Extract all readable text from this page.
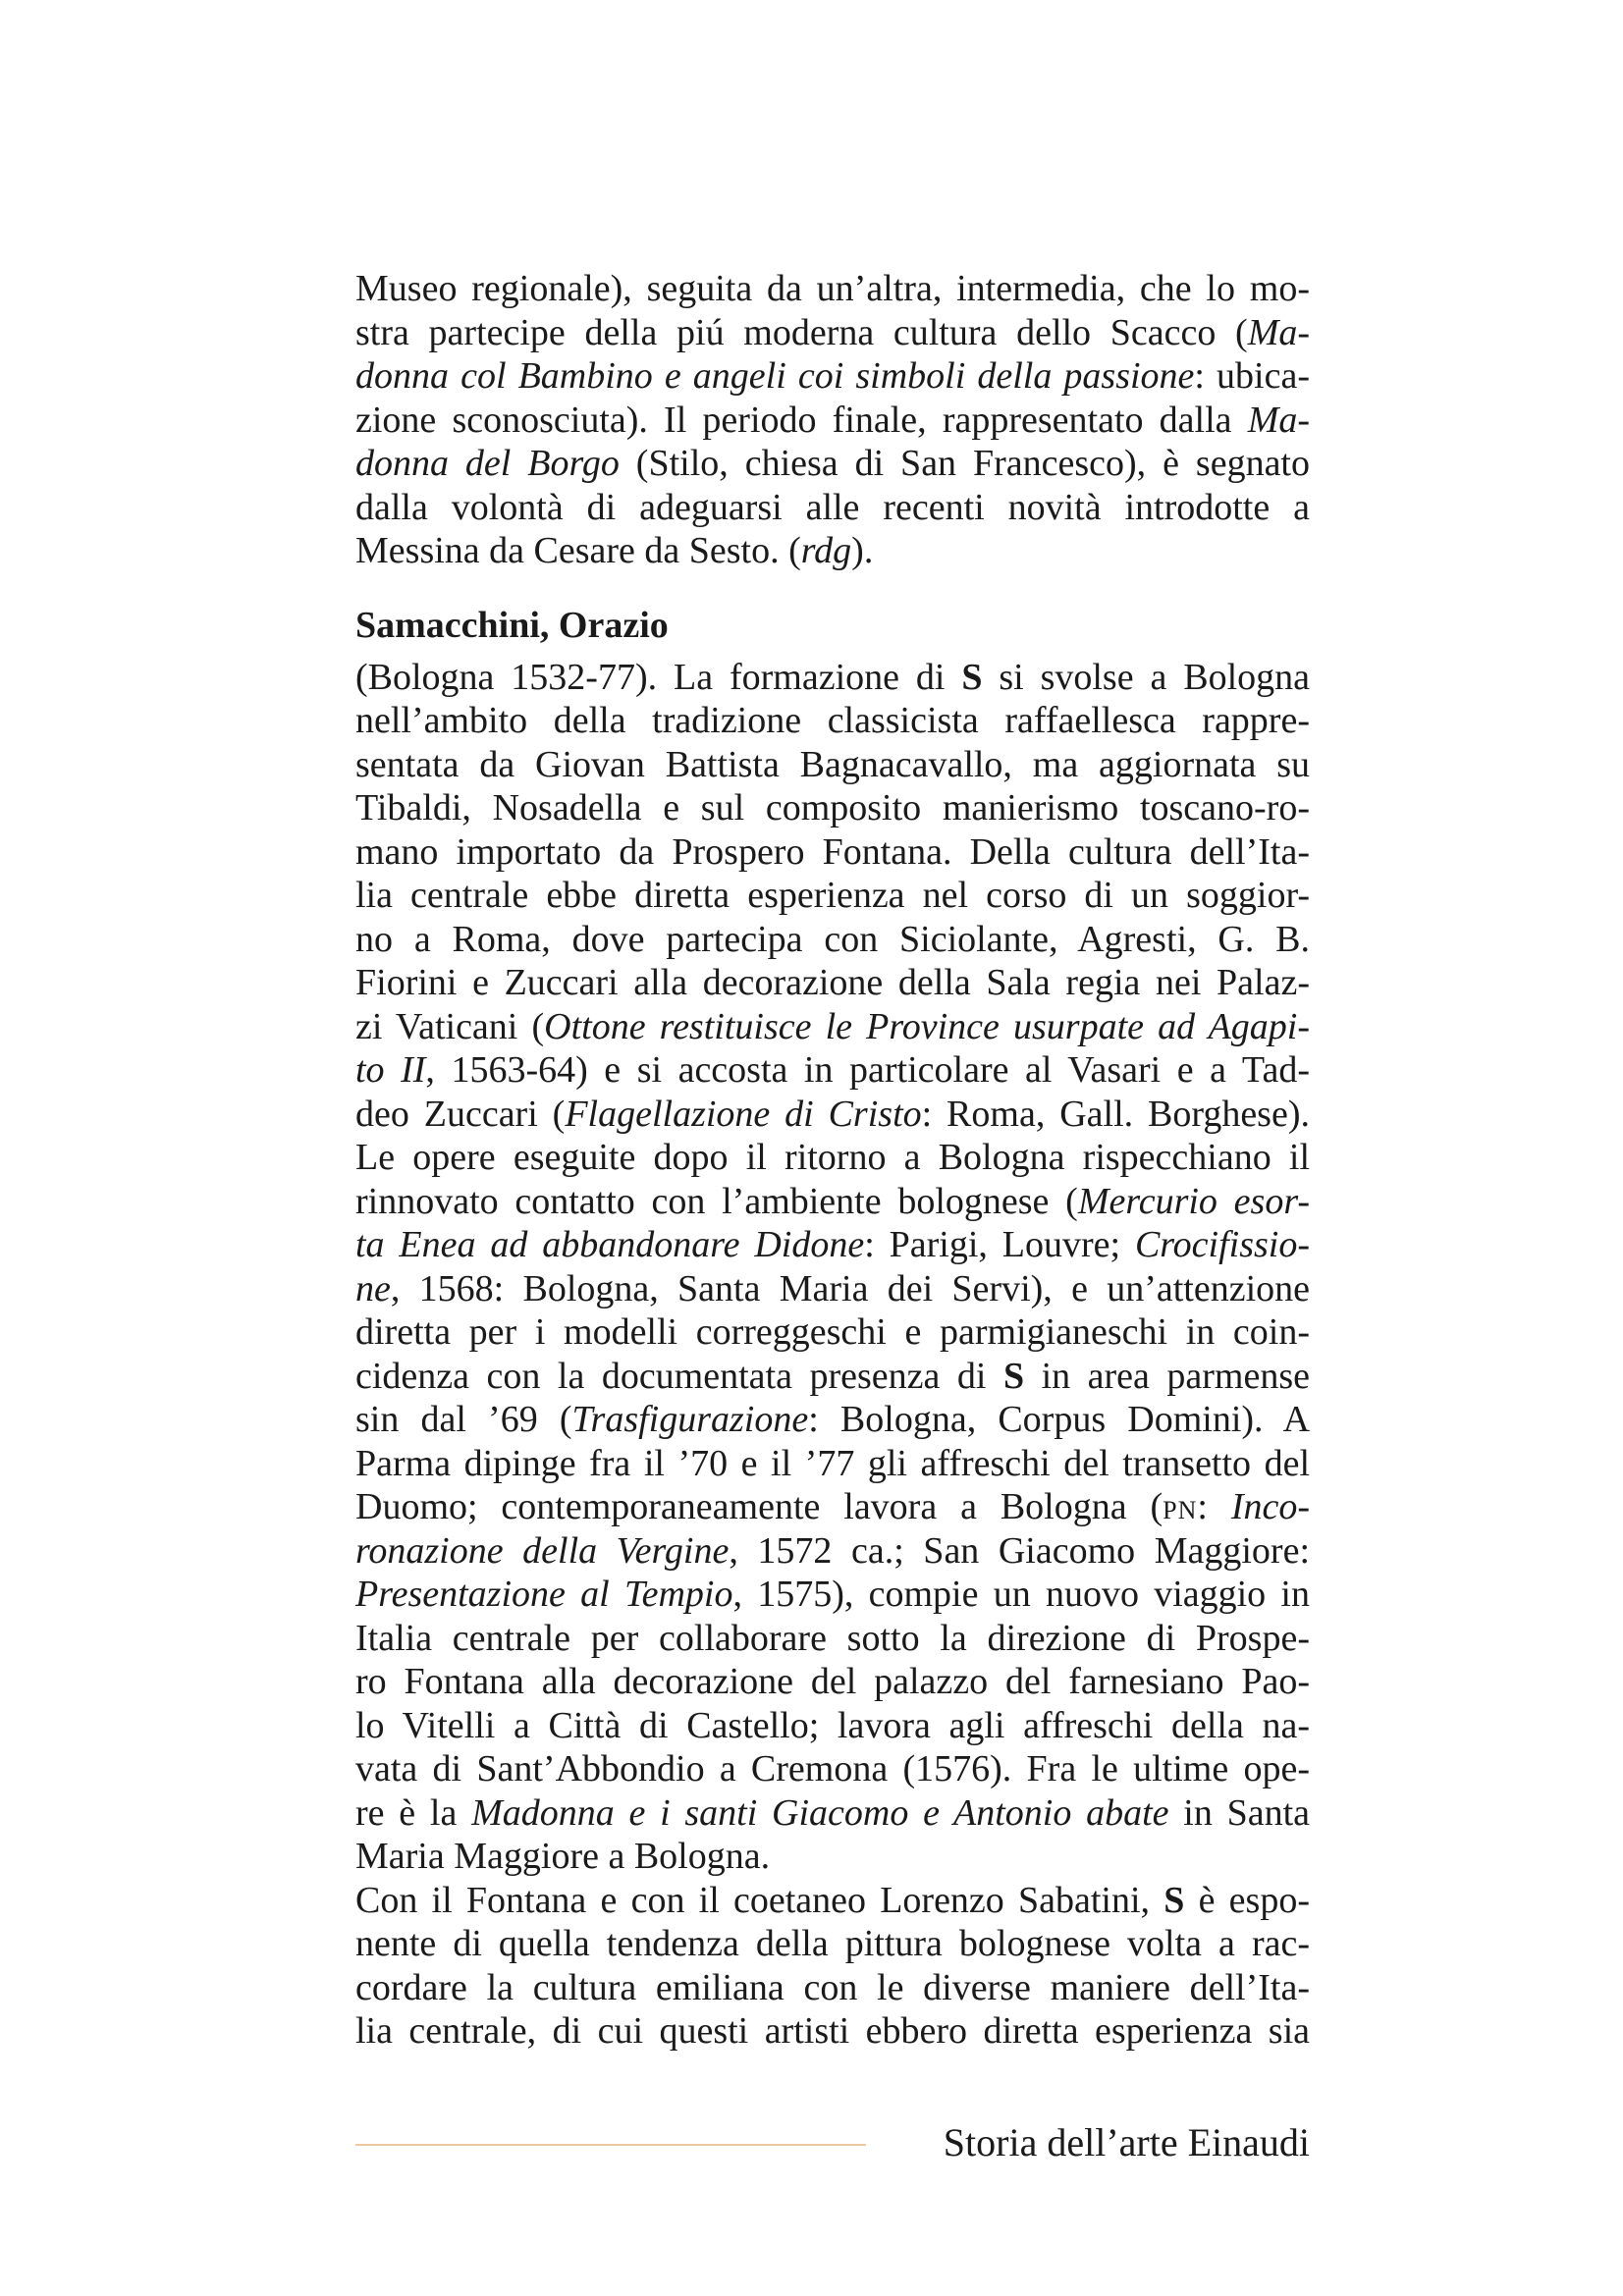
Museo regionale), seguita da un’altra, intermedia, che lo mo-
stra partecipe della piú moderna cultura dello Scacco (Ma-
donna col Bambino e angeli coi simboli della passione: ubica-
zione sconosciuta). Il periodo finale, rappresentato dalla Ma-
donna del Borgo (Stilo, chiesa di San Francesco), è segnato
dalla volontà di adeguarsi alle recenti novità introdotte a
Messina da Cesare da Sesto. (rdg).
Samacchini, Orazio
(Bologna 1532-77). La formazione di S si svolse a Bologna
nell’ambito della tradizione classicista raffaellesca rappre-
sentata da Giovan Battista Bagnacavallo, ma aggiornata su
Tibaldi, Nosadella e sul composito manierismo toscano-ro-
mano importato da Prospero Fontana. Della cultura dell’Ita-
lia centrale ebbe diretta esperienza nel corso di un soggior-
no a Roma, dove partecipa con Siciolante, Agresti, G. B.
Fiorini e Zuccari alla decorazione della Sala regia nei Palaz-
zi Vaticani (Ottone restituisce le Province usurpate ad Agapi-
to II, 1563-64) e si accosta in particolare al Vasari e a Tad-
deo Zuccari (Flagellazione di Cristo: Roma, Gall. Borghese).
Le opere eseguite dopo il ritorno a Bologna rispecchiano il
rinnovato contatto con l’ambiente bolognese (Mercurio esor-
ta Enea ad abbandonare Didone: Parigi, Louvre; Crocifissio-
ne, 1568: Bologna, Santa Maria dei Servi), e un’attenzione
diretta per i modelli correggeschi e parmigianeschi in coin-
cidenza con la documentata presenza di S in area parmense
sin dal ’69 (Trasfigurazione: Bologna, Corpus Domini). A
Parma dipinge fra il ’70 e il ’77 gli affreschi del transetto del
Duomo; contemporaneamente lavora a Bologna (PN: Inco-
ronazione della Vergine, 1572 ca.; San Giacomo Maggiore:
Presentazione al Tempio, 1575), compie un nuovo viaggio in
Italia centrale per collaborare sotto la direzione di Prospe-
ro Fontana alla decorazione del palazzo del farnesiano Pao-
lo Vitelli a Città di Castello; lavora agli affreschi della na-
vata di Sant’Abbondio a Cremona (1576). Fra le ultime ope-
re è la Madonna e i santi Giacomo e Antonio abate in Santa
Maria Maggiore a Bologna.
Con il Fontana e con il coetaneo Lorenzo Sabatini, S è espo-
nente di quella tendenza della pittura bolognese volta a rac-
cordare la cultura emiliana con le diverse maniere dell’Ita-
lia centrale, di cui questi artisti ebbero diretta esperienza sia
Storia dell’arte Einaudi
